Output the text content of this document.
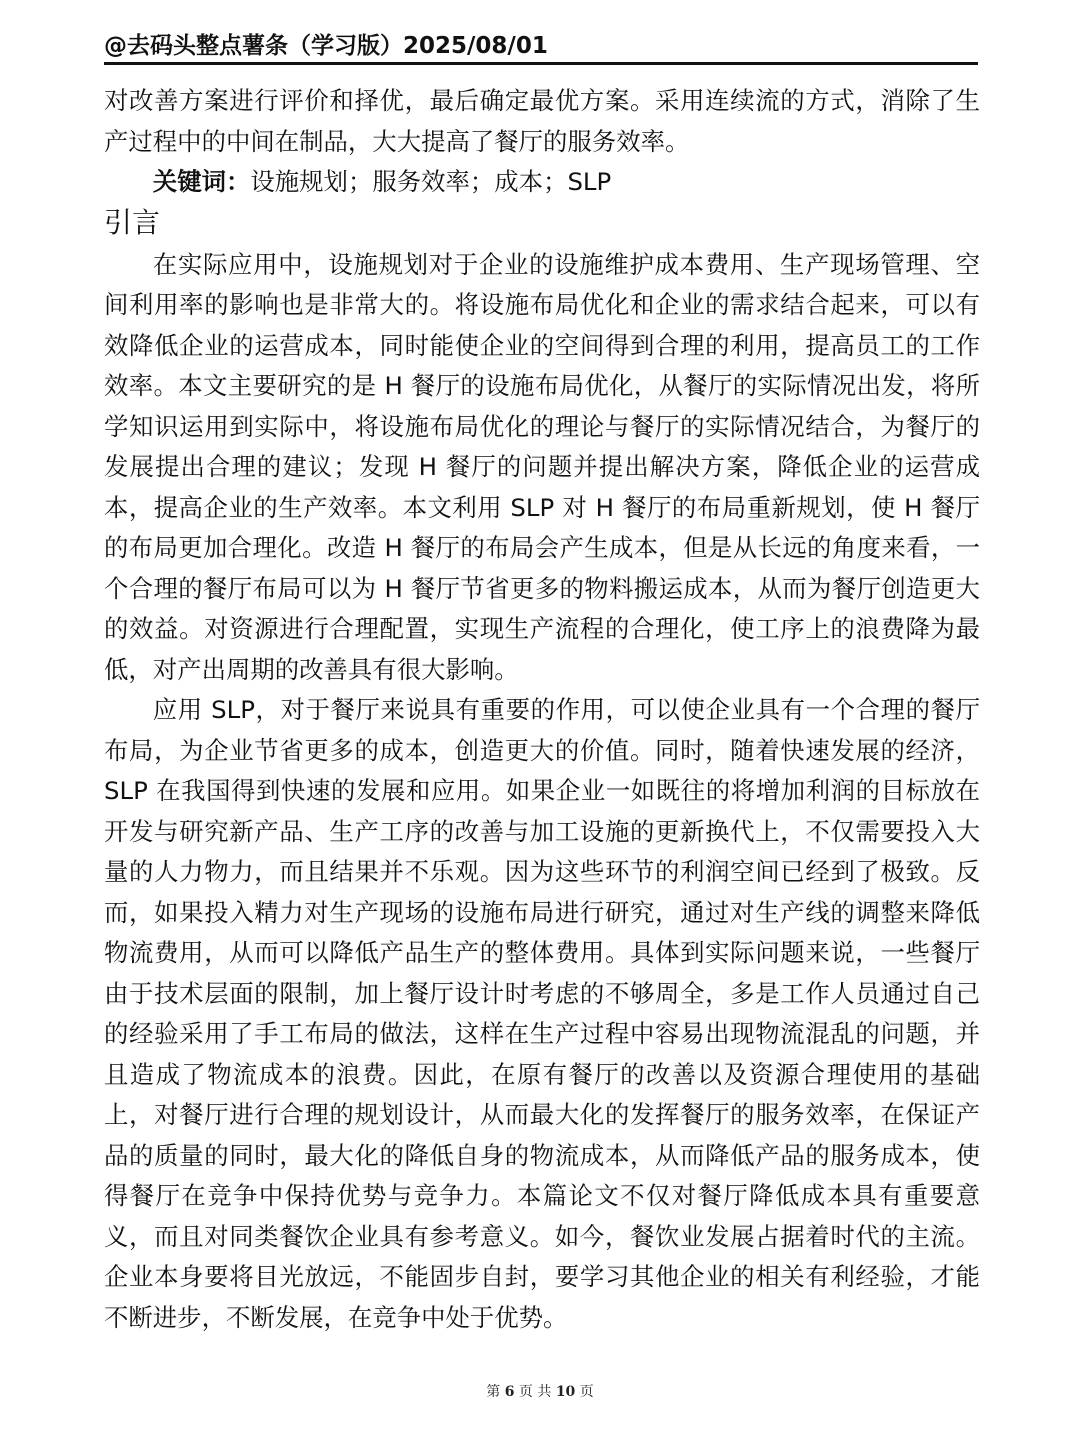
@去码头整点薯条（学习版）2025/08/01

对改善方案进行评价和择优，最后确定最优方案。采用连续流的方式，消除了生产过程中的中间在制品，大大提高了餐厅的服务效率。

关键词：设施规划；服务效率；成本；SLP

引言

在实际应用中，设施规划对于企业的设施维护成本费用、生产现场管理、空间利用率的影响也是非常大的。将设施布局优化和企业的需求结合起来，可以有效降低企业的运营成本，同时能使企业的空间得到合理的利用，提高员工的工作效率。本文主要研究的是 H 餐厅的设施布局优化，从餐厅的实际情况出发，将所学知识运用到实际中，将设施布局优化的理论与餐厅的实际情况结合，为餐厅的发展提出合理的建议；发现 H 餐厅的问题并提出解决方案，降低企业的运营成本，提高企业的生产效率。本文利用 SLP 对 H 餐厅的布局重新规划，使 H 餐厅的布局更加合理化。改造 H 餐厅的布局会产生成本，但是从长远的角度来看，一个合理的餐厅布局可以为 H 餐厅节省更多的物料搬运成本，从而为餐厅创造更大的效益。对资源进行合理配置，实现生产流程的合理化，使工序上的浪费降为最低，对产出周期的改善具有很大影响。

应用 SLP，对于餐厅来说具有重要的作用，可以使企业具有一个合理的餐厅布局，为企业节省更多的成本，创造更大的价值。同时，随着快速发展的经济，SLP 在我国得到快速的发展和应用。如果企业一如既往的将增加利润的目标放在开发与研究新产品、生产工序的改善与加工设施的更新换代上，不仅需要投入大量的人力物力，而且结果并不乐观。因为这些环节的利润空间已经到了极致。反而，如果投入精力对生产现场的设施布局进行研究，通过对生产线的调整来降低物流费用，从而可以降低产品生产的整体费用。具体到实际问题来说，一些餐厅由于技术层面的限制，加上餐厅设计时考虑的不够周全，多是工作人员通过自己的经验采用了手工布局的做法，这样在生产过程中容易出现物流混乱的问题，并且造成了物流成本的浪费。因此，在原有餐厅的改善以及资源合理使用的基础上，对餐厅进行合理的规划设计，从而最大化的发挥餐厅的服务效率，在保证产品的质量的同时，最大化的降低自身的物流成本，从而降低产品的服务成本，使得餐厅在竞争中保持优势与竞争力。本篇论文不仅对餐厅降低成本具有重要意义，而且对同类餐饮企业具有参考意义。如今，餐饮业发展占据着时代的主流。企业本身要将目光放远，不能固步自封，要学习其他企业的相关有利经验，才能不断进步，不断发展，在竞争中处于优势。

第 6 页 共 10 页
